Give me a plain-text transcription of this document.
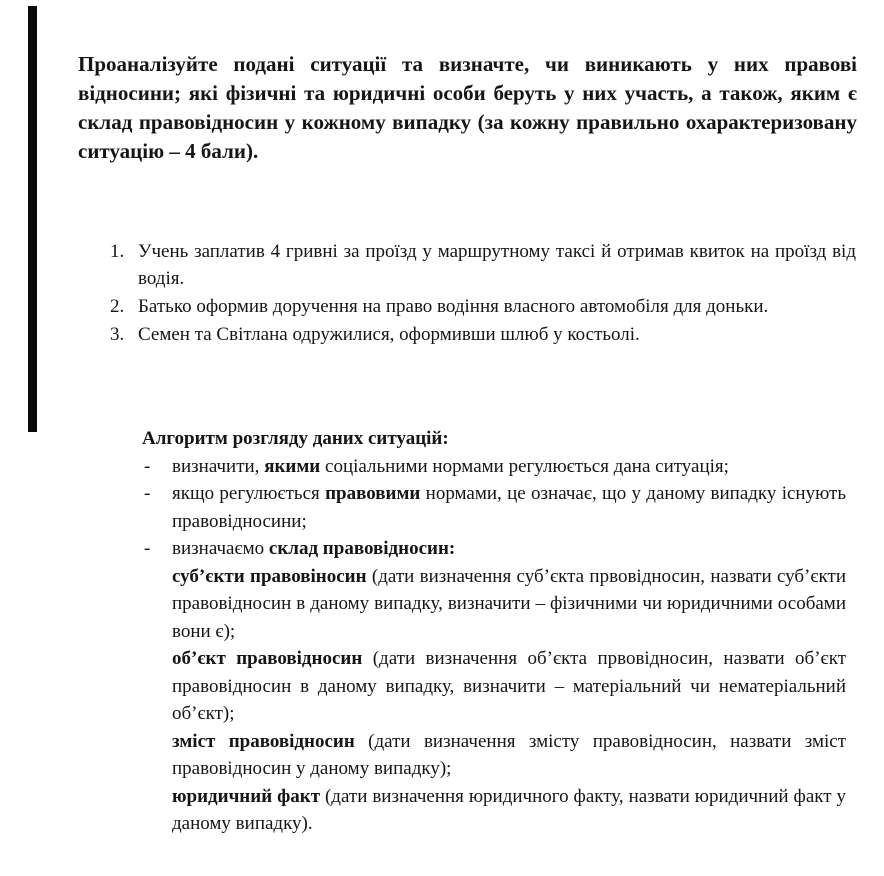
Проаналізуйте подані ситуації та визначте, чи виникають у них правові відносини; які фізичні та юридичні особи беруть у них участь, а також, яким є склад правовідносин у кожному випадку (за кожну правильно охарактеризовану ситуацію – 4 бали).
1. Учень заплатив 4 гривні за проїзд у маршрутному таксі й отримав квиток на проїзд від водія.
2. Батько оформив доручення на право водіння власного автомобіля для доньки.
3. Семен та Світлана одружилися, оформивши шлюб у костьолі.

Алгоритм розгляду даних ситуацій:

- визначити, якими соціальними нормами регулюється дана ситуація;

- якщо регулюється правовими нормами, це означає, що у даному випадку існують правовідносини;

- визначаємо склад правовідносин:

суб’єкти правовіносин (дати визначення суб’єкта првовідносин, назвати суб’єкти правовідносин в даному випадку, визначити – фізичними чи юридичними особами вони є);

об’єкт правовідносин (дати визначення об’єкта првовідносин, назвати об’єкт правовідносин в даному випадку, визначити – матеріальний чи нематеріальний об’єкт);

зміст правовідносин (дати визначення змісту правовідносин, назвати зміст правовідносин у даному випадку);

юридичний факт (дати визначення юридичного факту, назвати юридичний факт у даному випадку).
